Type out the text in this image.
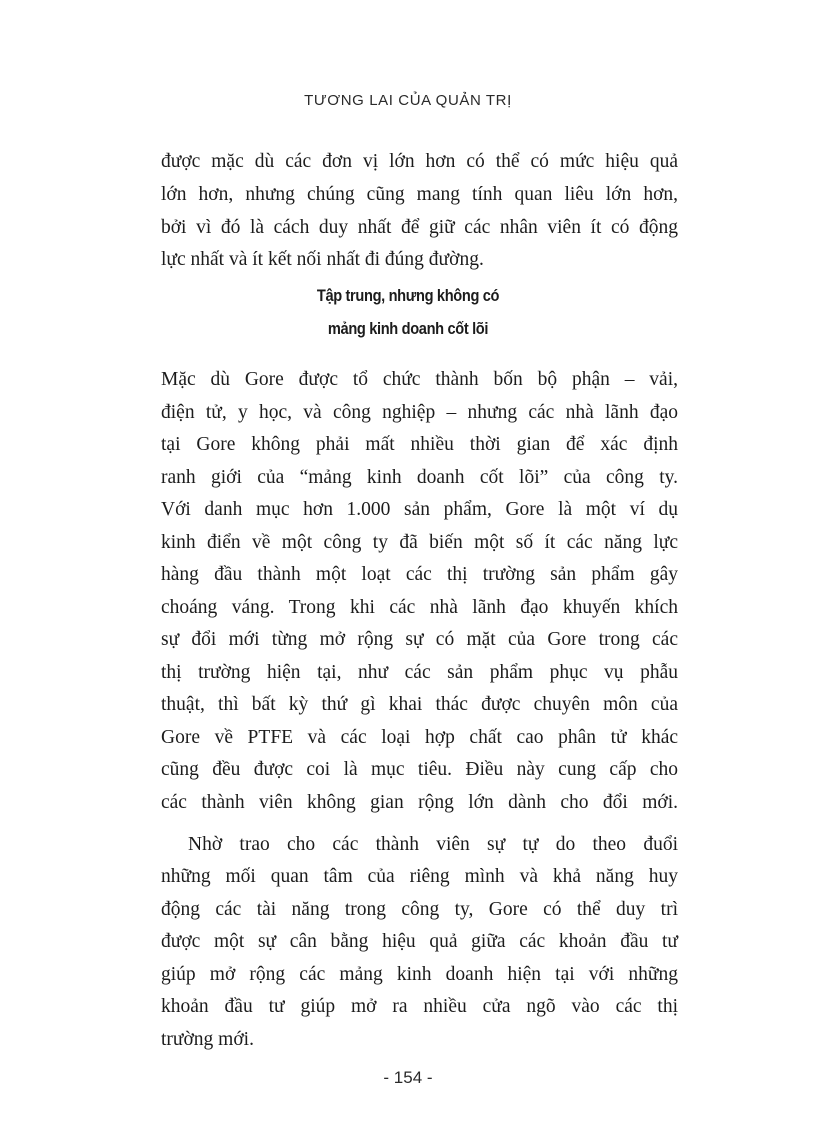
TƯƠNG LAI CỦA QUẢN TRỊ
được mặc dù các đơn vị lớn hơn có thể có mức hiệu quả
lớn hơn, nhưng chúng cũng mang tính quan liêu lớn hơn,
bởi vì đó là cách duy nhất để giữ các nhân viên ít có động
lực nhất và ít kết nối nhất đi đúng đường.
Tập trung, nhưng không có
mảng kinh doanh cốt lõi
Mặc dù Gore được tổ chức thành bốn bộ phận – vải,
điện tử, y học, và công nghiệp – nhưng các nhà lãnh đạo
tại Gore không phải mất nhiều thời gian để xác định
ranh giới của “mảng kinh doanh cốt lõi” của công ty.
Với danh mục hơn 1.000 sản phẩm, Gore là một ví dụ
kinh điển về một công ty đã biến một số ít các năng lực
hàng đầu thành một loạt các thị trường sản phẩm gây
choáng váng. Trong khi các nhà lãnh đạo khuyến khích
sự đổi mới từng mở rộng sự có mặt của Gore trong các
thị trường hiện tại, như các sản phẩm phục vụ phẫu
thuật, thì bất kỳ thứ gì khai thác được chuyên môn của
Gore về PTFE và các loại hợp chất cao phân tử khác
cũng đều được coi là mục tiêu. Điều này cung cấp cho
các thành viên không gian rộng lớn dành cho đổi mới.
Nhờ trao cho các thành viên sự tự do theo đuổi
những mối quan tâm của riêng mình và khả năng huy
động các tài năng trong công ty, Gore có thể duy trì
được một sự cân bằng hiệu quả giữa các khoản đầu tư
giúp mở rộng các mảng kinh doanh hiện tại với những
khoản đầu tư giúp mở ra nhiều cửa ngõ vào các thị
trường mới.
- 154 -
